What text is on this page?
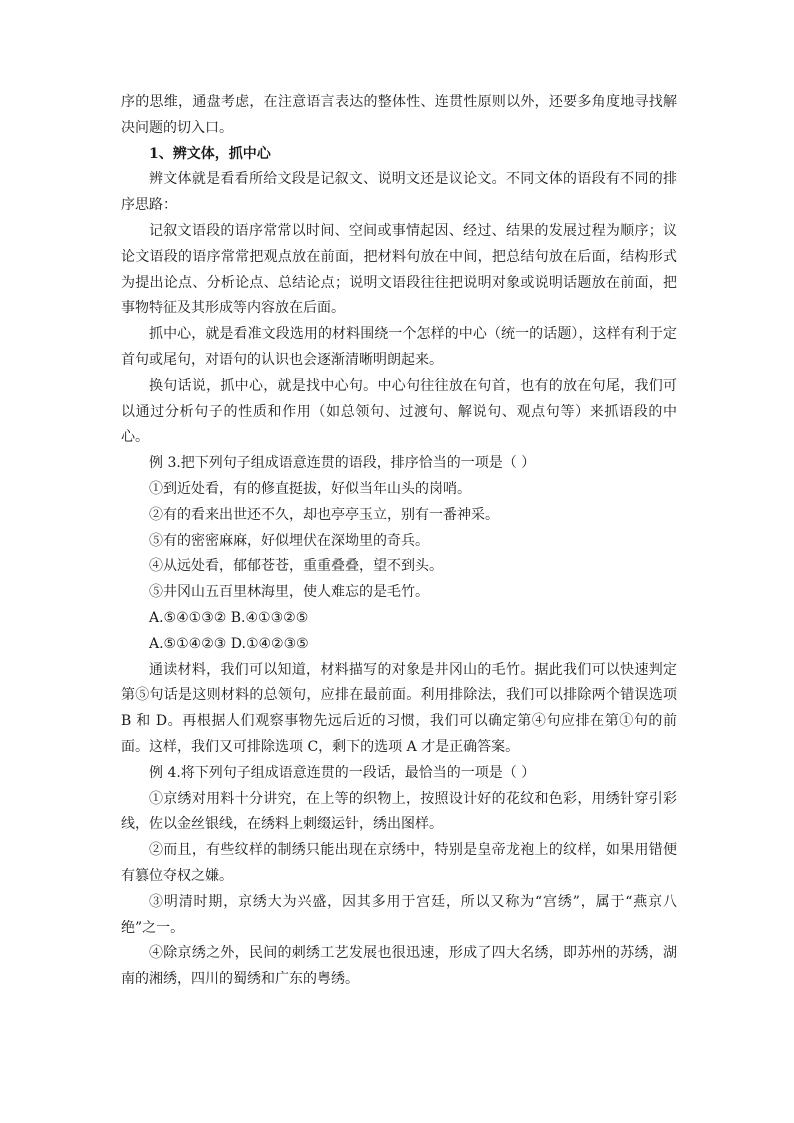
序的思维，通盘考虑，在注意语言表达的整体性、连贯性原则以外，还要多角度地寻找解决问题的切入口。

1、辨文体，抓中心

辨文体就是看看所给文段是记叙文、说明文还是议论文。不同文体的语段有不同的排序思路：

记叙文语段的语序常常以时间、空间或事情起因、经过、结果的发展过程为顺序；议论文语段的语序常常把观点放在前面，把材料句放在中间，把总结句放在后面，结构形式为提出论点、分析论点、总结论点；说明文语段往往把说明对象或说明话题放在前面，把事物特征及其形成等内容放在后面。

抓中心，就是看准文段选用的材料围绕一个怎样的中心（统一的话题），这样有利于定首句或尾句，对语句的认识也会逐渐清晰明朗起来。

换句话说，抓中心，就是找中心句。中心句往往放在句首，也有的放在句尾，我们可以通过分析句子的性质和作用（如总领句、过渡句、解说句、观点句等）来抓语段的中心。

例 3.把下列句子组成语意连贯的语段，排序恰当的一项是（ ）

①到近处看，有的修直挺拔，好似当年山头的岗哨。

②有的看来出世还不久，却也亭亭玉立，别有一番神采。

⑤有的密密麻麻，好似埋伏在深坳里的奇兵。

④从远处看，郁郁苍苍，重重叠叠，望不到头。

⑤井冈山五百里林海里，使人难忘的是毛竹。

A.⑤④①③② B.④①③②⑤

A.⑤①④②③ D.①④②③⑤

通读材料，我们可以知道，材料描写的对象是井冈山的毛竹。据此我们可以快速判定第⑤句话是这则材料的总领句，应排在最前面。利用排除法，我们可以排除两个错误选项 B 和 D。再根据人们观察事物先远后近的习惯，我们可以确定第④句应排在第①句的前面。这样，我们又可排除选项 C，剩下的选项 A 才是正确答案。

例 4.将下列句子组成语意连贯的一段话，最恰当的一项是（ ）

①京绣对用料十分讲究，在上等的织物上，按照设计好的花纹和色彩，用绣针穿引彩线，佐以金丝银线，在绣料上刺缀运针，绣出图样。

②而且，有些纹样的制绣只能出现在京绣中，特别是皇帝龙袍上的纹样，如果用错便有篡位夺权之嫌。

③明清时期，京绣大为兴盛，因其多用于宫廷，所以又称为“宫绣”，属于“燕京八绝”之一。

④除京绣之外，民间的刺绣工艺发展也很迅速，形成了四大名绣，即苏州的苏绣，湖南的湘绣，四川的蜀绣和广东的粤绣。
